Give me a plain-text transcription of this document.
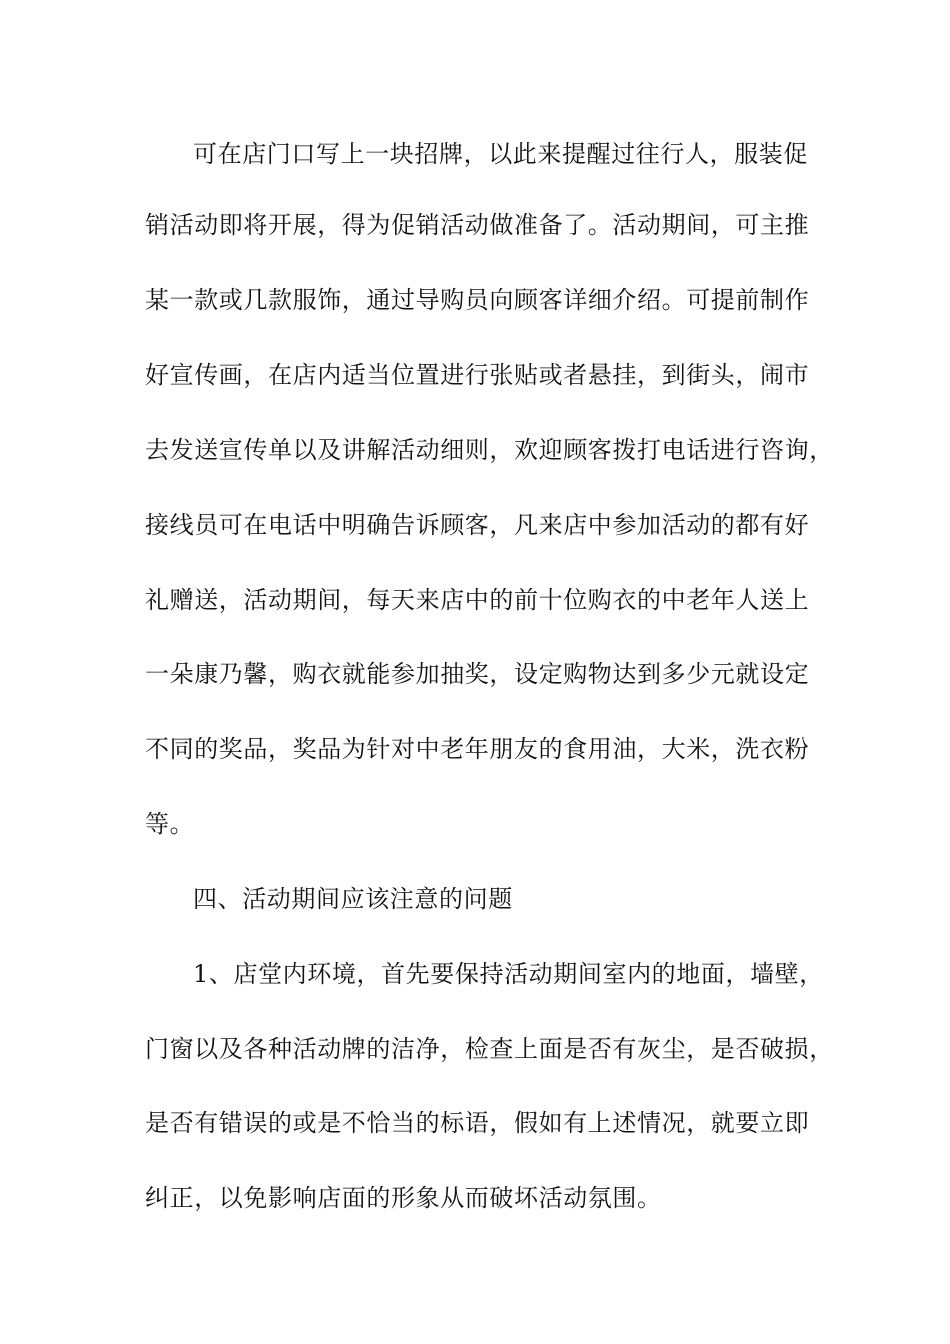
可在店门口写上一块招牌，以此来提醒过往行人，服装促
销活动即将开展，得为促销活动做准备了。活动期间，可主推
某一款或几款服饰，通过导购员向顾客详细介绍。可提前制作
好宣传画，在店内适当位置进行张贴或者悬挂，到街头，闹市
去发送宣传单以及讲解活动细则，欢迎顾客拨打电话进行咨询，
接线员可在电话中明确告诉顾客，凡来店中参加活动的都有好
礼赠送，活动期间，每天来店中的前十位购衣的中老年人送上
一朵康乃馨，购衣就能参加抽奖，设定购物达到多少元就设定
不同的奖品，奖品为针对中老年朋友的食用油，大米，洗衣粉
等。
四、活动期间应该注意的问题
1、店堂内环境，首先要保持活动期间室内的地面，墙壁，
门窗以及各种活动牌的洁净，检查上面是否有灰尘，是否破损，
是否有错误的或是不恰当的标语，假如有上述情况，就要立即
纠正，以免影响店面的形象从而破坏活动氛围。
